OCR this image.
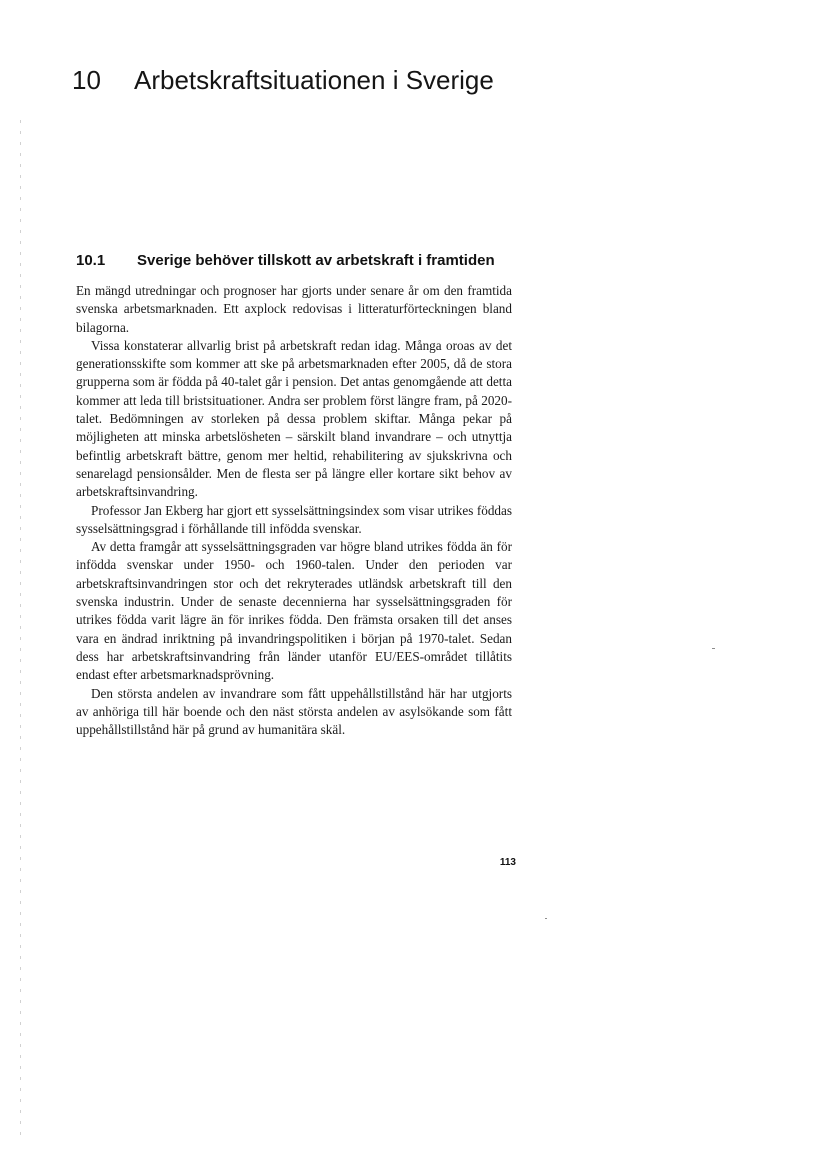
10 Arbetskraftsituationen i Sverige
10.1 Sverige behöver tillskott av arbetskraft i framtiden

En mängd utredningar och prognoser har gjorts under senare år om den framtida svenska arbetsmarknaden. Ett axplock redovisas i litteraturförteckningen bland bilagorna.

Vissa konstaterar allvarlig brist på arbetskraft redan idag. Många oroas av det generationsskifte som kommer att ske på arbetsmarknaden efter 2005, då de stora grupperna som är födda på 40-talet går i pension. Det antas genomgående att detta kommer att leda till bristsituationer. Andra ser problem först längre fram, på 2020-talet. Bedömningen av storleken på dessa problem skiftar. Många pekar på möjligheten att minska arbetslösheten – särskilt bland invandrare – och utnyttja befintlig arbetskraft bättre, genom mer heltid, rehabilitering av sjukskrivna och senarelagd pensionsålder. Men de flesta ser på längre eller kortare sikt behov av arbetskraftsinvandring.

Professor Jan Ekberg har gjort ett sysselsättningsindex som visar utrikes föddas sysselsättningsgrad i förhållande till infödda svenskar.

Av detta framgår att sysselsättningsgraden var högre bland utrikes födda än för infödda svenskar under 1950- och 1960-talen. Under den perioden var arbetskraftsinvandringen stor och det rekryterades utländsk arbetskraft till den svenska industrin. Under de senaste decennierna har sysselsättningsgraden för utrikes födda varit lägre än för inrikes födda. Den främsta orsaken till det anses vara en ändrad inriktning på invandringspolitiken i början på 1970-talet. Sedan dess har arbetskraftsinvandring från länder utanför EU/EES-området tillåtits endast efter arbetsmarknadsprövning.

Den största andelen av invandrare som fått uppehållstillstånd här har utgjorts av anhöriga till här boende och den näst största andelen av asylsökande som fått uppehållstillstånd här på grund av humanitära skäl.

113
